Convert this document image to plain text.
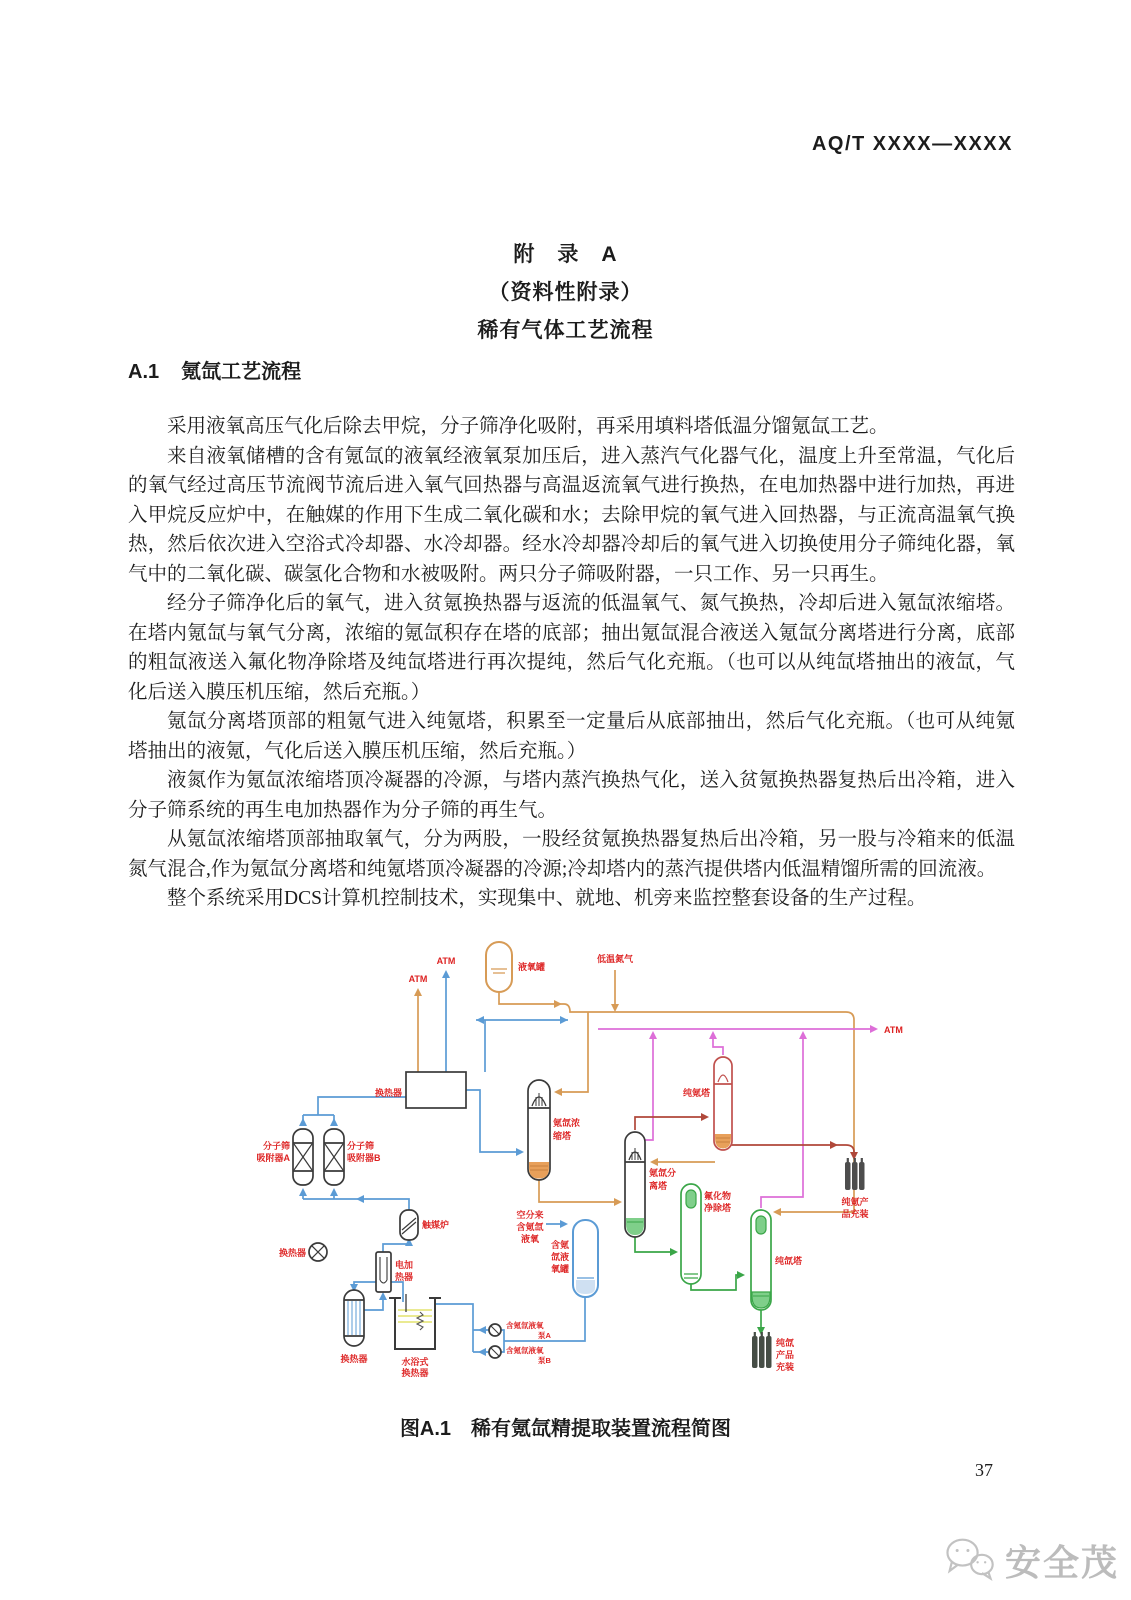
AQ/T XXXX—XXXX
附　录　A
（资料性附录）
稀有气体工艺流程
A.1 氪氙工艺流程

采用液氧高压气化后除去甲烷，分子筛净化吸附，再采用填料塔低温分馏氪氙工艺。

来自液氧储槽的含有氪氙的液氧经液氧泵加压后，进入蒸汽气化器气化，温度上升至常温，气化后的氧气经过高压节流阀节流后进入氧气回热器与高温返流氧气进行换热，在电加热器中进行加热，再进入甲烷反应炉中，在触媒的作用下生成二氧化碳和水；去除甲烷的氧气进入回热器，与正流高温氧气换热，然后依次进入空浴式冷却器、水冷却器。经水冷却器冷却后的氧气进入切换使用分子筛纯化器，氧气中的二氧化碳、碳氢化合物和水被吸附。两只分子筛吸附器，一只工作、另一只再生。

经分子筛净化后的氧气，进入贫氪换热器与返流的低温氧气、氮气换热，冷却后进入氪氙浓缩塔。在塔内氪氙与氧气分离，浓缩的氪氙积存在塔的底部；抽出氪氙混合液送入氪氙分离塔进行分离，底部的粗氙液送入氟化物净除塔及纯氙塔进行再次提纯，然后气化充瓶。（也可以从纯氙塔抽出的液氙，气化后送入膜压机压缩，然后充瓶。）

氪氙分离塔顶部的粗氪气进入纯氪塔，积累至一定量后从底部抽出，然后气化充瓶。（也可从纯氪塔抽出的液氪，气化后送入膜压机压缩，然后充瓶。）

液氮作为氪氙浓缩塔顶冷凝器的冷源，与塔内蒸汽换热气化，送入贫氪换热器复热后出冷箱，进入分子筛系统的再生电加热器作为分子筛的再生气。

从氪氙浓缩塔顶部抽取氧气，分为两股，一股经贫氪换热器复热后出冷箱，另一股与冷箱来的低温氮气混合,作为氪氙分离塔和纯氪塔顶冷凝器的冷源;冷却塔内的蒸汽提供塔内低温精馏所需的回流液。

整个系统采用DCS计算机控制技术，实现集中、就地、机旁来监控整套设备的生产过程。

ATM
ATM
ATM
液氧罐
低温氮气
换热器
分子筛
吸附器A
分子筛
吸附器B
换热器
触媒炉
电加
热器
换热器	水浴式
换热器
空分来
含氪氙
液氧
含氪
氙液
氧罐
含氪氙液氧
泵A
含氪氙液氧
泵B
氪氙浓
缩塔
氪氙分
离塔
纯氪塔
氟化物
净除塔
纯氙塔
纯氪产
品充装
纯氙
产品
充装
图A.1　稀有氪氙精提取装置流程简图
37
安全茂
